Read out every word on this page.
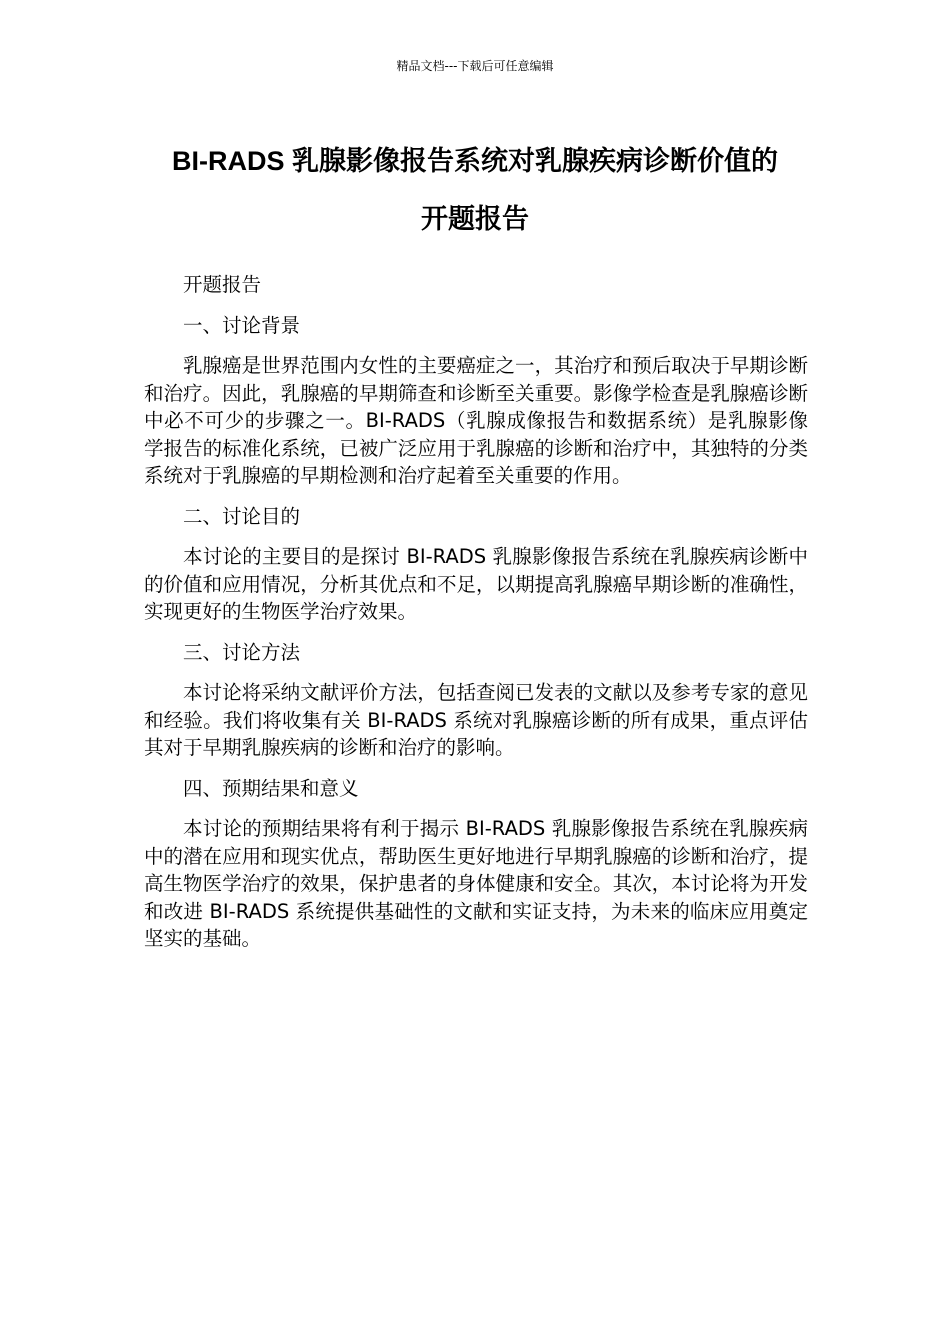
精品文档---下载后可任意编辑
BI-RADS 乳腺影像报告系统对乳腺疾病诊断价值的
开题报告

开题报告

一、讨论背景

乳腺癌是世界范围内女性的主要癌症之一，其治疗和预后取决于早期诊断和治疗。因此，乳腺癌的早期筛查和诊断至关重要。影像学检查是乳腺癌诊断中必不可少的步骤之一。BI-RADS（乳腺成像报告和数据系统）是乳腺影像学报告的标准化系统，已被广泛应用于乳腺癌的诊断和治疗中，其独特的分类系统对于乳腺癌的早期检测和治疗起着至关重要的作用。

二、讨论目的

本讨论的主要目的是探讨 BI-RADS 乳腺影像报告系统在乳腺疾病诊断中的价值和应用情况，分析其优点和不足，以期提高乳腺癌早期诊断的准确性，实现更好的生物医学治疗效果。

三、讨论方法

本讨论将采纳文献评价方法，包括查阅已发表的文献以及参考专家的意见和经验。我们将收集有关 BI-RADS 系统对乳腺癌诊断的所有成果，重点评估其对于早期乳腺疾病的诊断和治疗的影响。

四、预期结果和意义

本讨论的预期结果将有利于揭示 BI-RADS 乳腺影像报告系统在乳腺疾病中的潜在应用和现实优点，帮助医生更好地进行早期乳腺癌的诊断和治疗，提高生物医学治疗的效果，保护患者的身体健康和安全。其次，本讨论将为开发和改进 BI-RADS 系统提供基础性的文献和实证支持，为未来的临床应用奠定坚实的基础。
